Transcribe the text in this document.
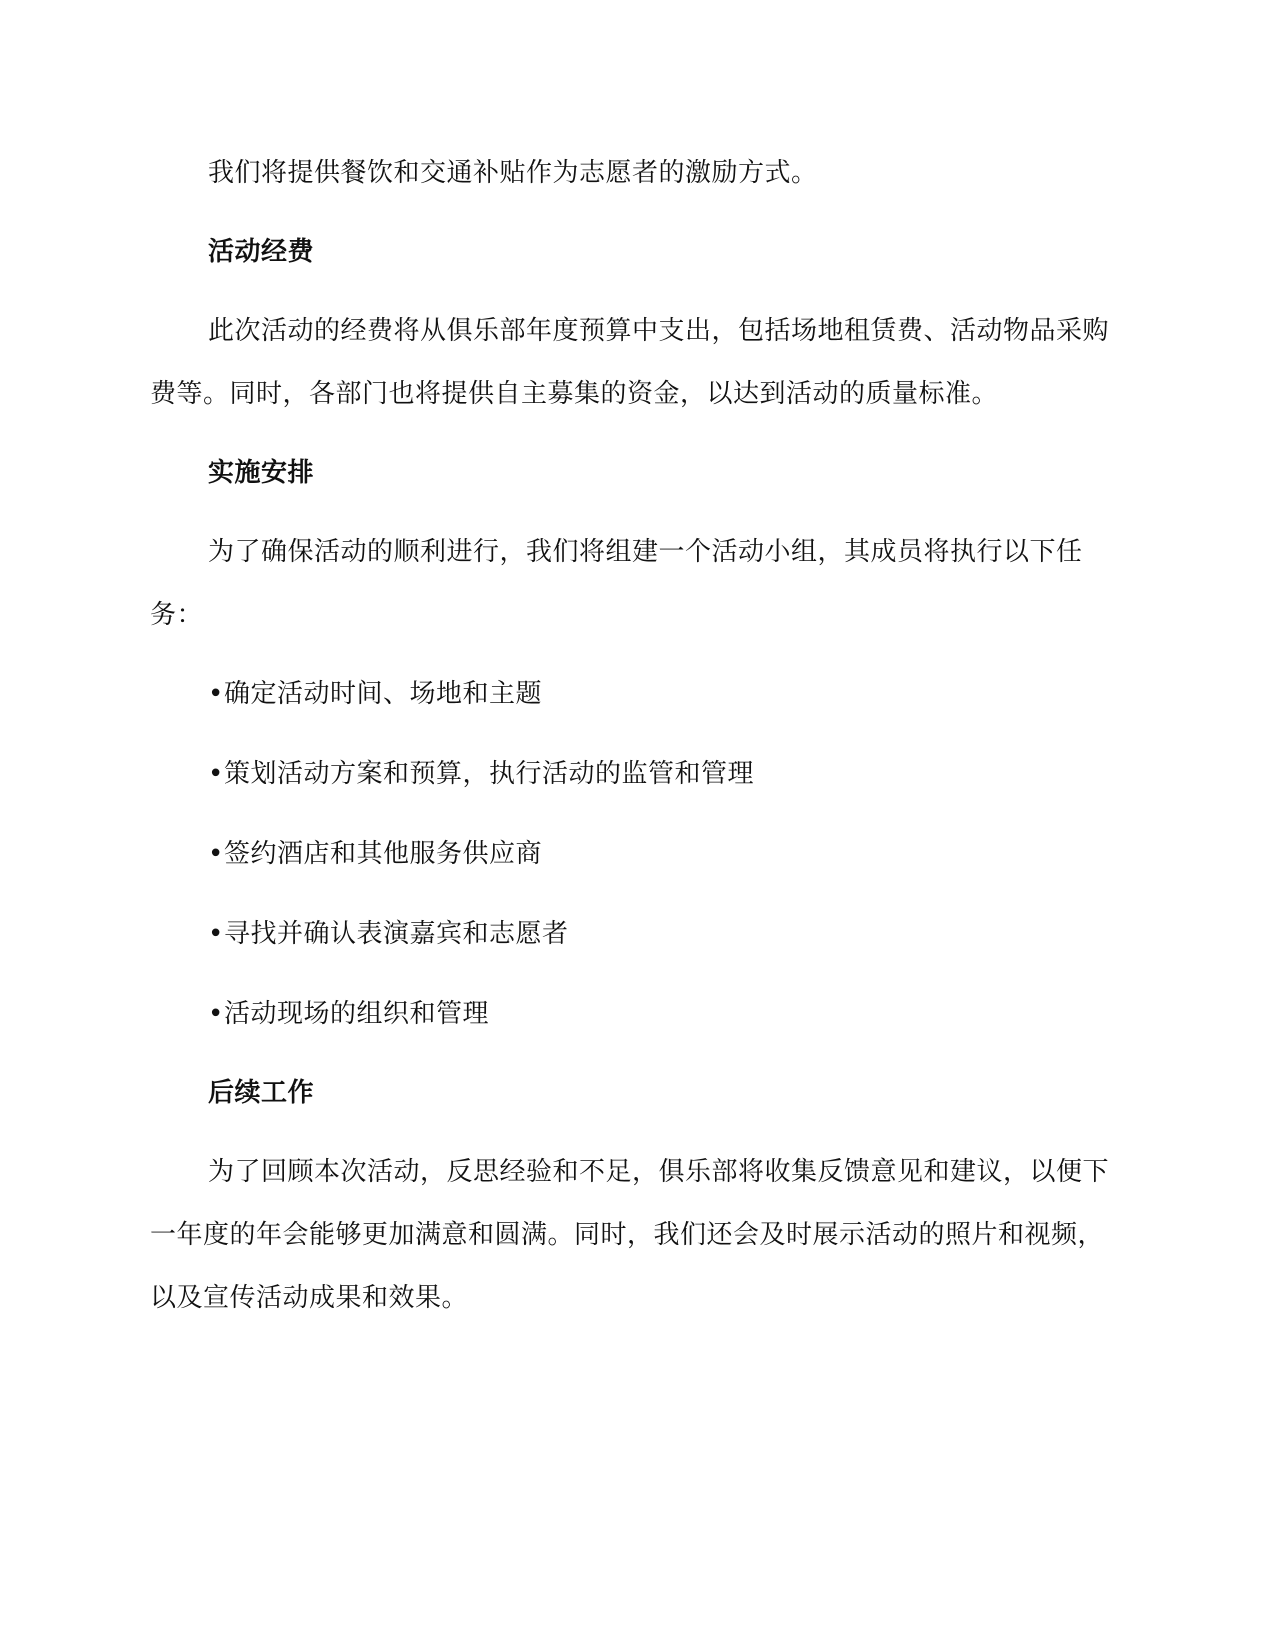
我们将提供餐饮和交通补贴作为志愿者的激励方式。

活动经费

此次活动的经费将从俱乐部年度预算中支出，包括场地租赁费、活动物品采购费等。同时，各部门也将提供自主募集的资金，以达到活动的质量标准。

实施安排

为了确保活动的顺利进行，我们将组建一个活动小组，其成员将执行以下任务：

•确定活动时间、场地和主题
•策划活动方案和预算，执行活动的监管和管理
•签约酒店和其他服务供应商
•寻找并确认表演嘉宾和志愿者
•活动现场的组织和管理
后续工作

为了回顾本次活动，反思经验和不足，俱乐部将收集反馈意见和建议，以便下一年度的年会能够更加满意和圆满。同时，我们还会及时展示活动的照片和视频，以及宣传活动成果和效果。
